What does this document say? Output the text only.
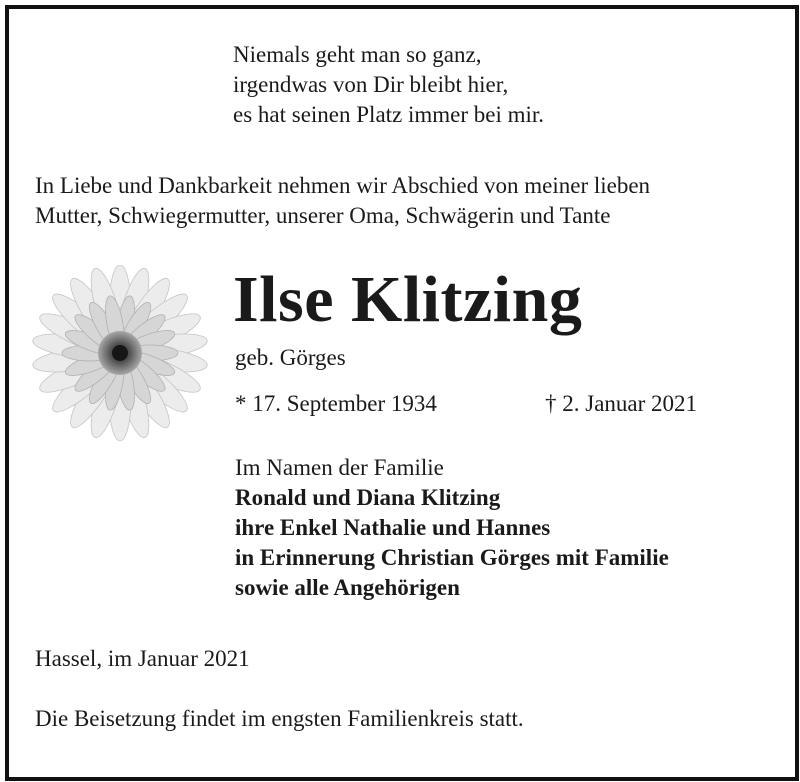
Niemals geht man so ganz,
irgendwas von Dir bleibt hier,
es hat seinen Platz immer bei mir.
In Liebe und Dankbarkeit nehmen wir Abschied von meiner lieben
Mutter, Schwiegermutter, unserer Oma, Schwägerin und Tante
Ilse Klitzing
geb. Görges
* 17. September 1934	† 2. Januar 2021
Im Namen der Familie
Ronald und Diana Klitzing
ihre Enkel Nathalie und Hannes
in Erinnerung Christian Görges mit Familie
sowie alle Angehörigen
Hassel, im Januar 2021
Die Beisetzung findet im engsten Familienkreis statt.
